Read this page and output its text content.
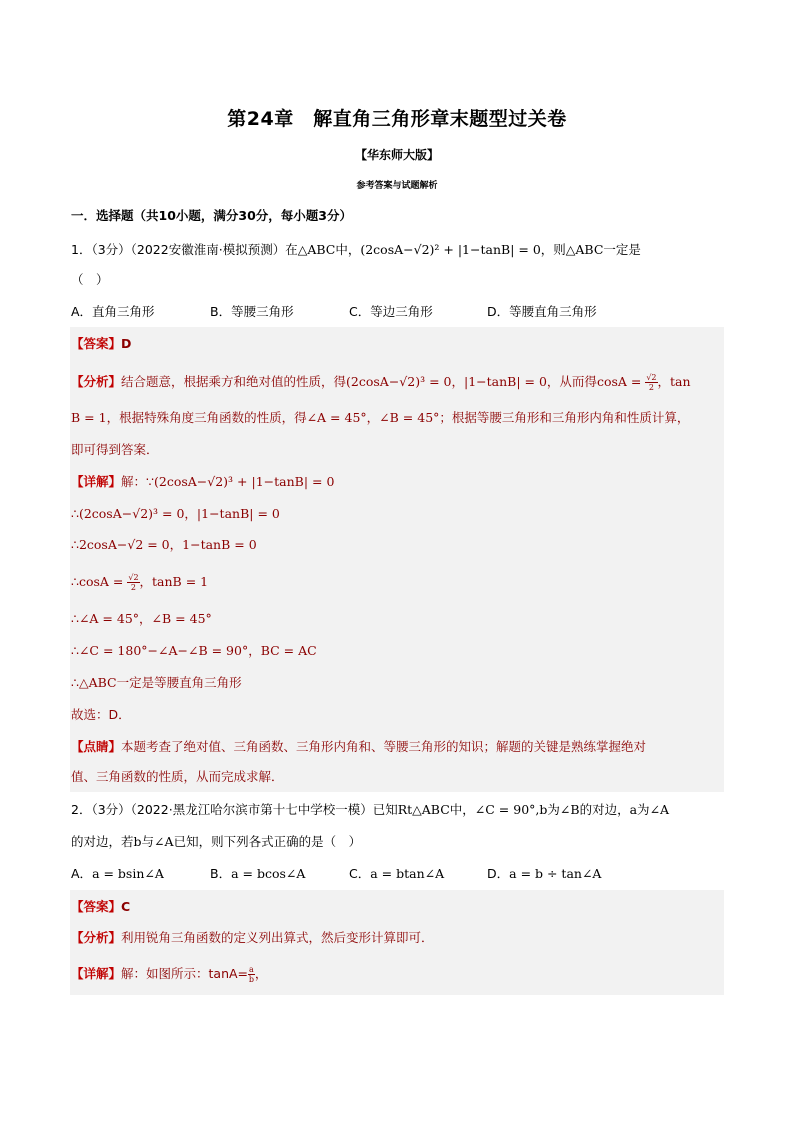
第24章　解直角三角形章末题型过关卷
【华东师大版】
参考答案与试题解析
一．选择题（共10小题，满分30分，每小题3分）
1．（3分）（2022安徽淮南·模拟预测）在△ABC中，(2cosA−√2)² + |1−tanB| = 0，则△ABC一定是
（　）
A．直角三角形	B．等腰三角形	C．等边三角形	D．等腰直角三角形
【答案】D
【分析】结合题意，根据乘方和绝对值的性质，得(2cosA−√2)³ = 0，|1−tanB| = 0，从而得$\cos A = \frac{√2}{2}$ ，tan
B = 1，根据特殊角度三角函数的性质，得∠A = 45°，∠B = 45°；根据等腰三角形和三角形内角和性质计算，
即可得到答案．
【详解】解：∵(2cosA−√2)³ + |1−tanB| = 0
∴(2cosA−√2)³ = 0，|1−tanB| = 0
∴2cosA−√2 = 0，1−tanB = 0
∴cosA = $\frac{√2}{2}$ ，tanB = 1
∴∠A = 45°，∠B = 45°
∴∠C = 180°−∠A−∠B = 90°，BC = AC
∴△ABC一定是等腰直角三角形
故选：D．
【点睛】本题考查了绝对值、三角函数、三角形内角和、等腰三角形的知识；解题的关键是熟练掌握绝对
值、三角函数的性质，从而完成求解．
2．（3分）（2022·黑龙江哈尔滨市第十七中学校一模）已知Rt△ABC中，∠C = 90°,b为∠B的对边，a为∠A
的对边，若b与∠A已知，则下列各式正确的是（　）
A．a = bsin∠A	B．a = bcos∠A	C．a = btan∠A	D．a = b ÷ tan∠A
【答案】C
【分析】利用锐角三角函数的定义列出算式，然后变形计算即可．
【详解】解：如图所示：$\tan A= \frac{a}{b}$ ，
